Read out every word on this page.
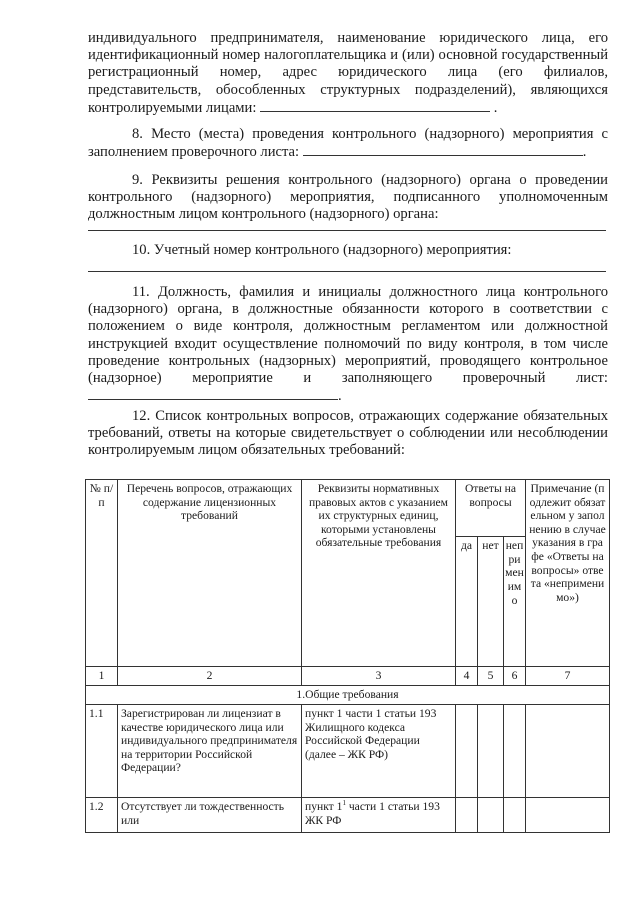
индивидуального предпринимателя, наименование юридического лица, его идентификационный номер налогоплательщика и (или) основной государственный регистрационный номер, адрес юридического лица (его филиалов, представительств, обособленных структурных подразделений), являющихся контролируемыми лицами:	.

8. Место (места) проведения контрольного (надзорного) мероприятия с заполнением проверочного листа:	.

9. Реквизиты решения контрольного (надзорного) органа о проведении контрольного (надзорного) мероприятия, подписанного уполномоченным должностным лицом контрольного (надзорного) органа:

10. Учетный номер контрольного (надзорного) мероприятия:

11. Должность, фамилия и инициалы должностного лица контрольного (надзорного) органа, в должностные обязанности которого в соответствии с положением о виде контроля, должностным регламентом или должностной инструкцией входит осуществление полномочий по виду контроля, в том числе проведение контрольных (надзорных) мероприятий, проводящего контрольное (надзорное) мероприятие и заполняющего проверочный лист: .

12. Список контрольных вопросов, отражающих содержание обязательных требований, ответы на которые свидетельствует о соблюдении или несоблюдении контролируемым лицом обязательных требований:

№ п/п	Перечень вопросов, отражающих содержание лицензионных требований	Реквизиты нормативных правовых актов с указанием их структурных единиц, которыми установлены обязательные требования	Ответы на вопросы			Примечание (подлежит обязательном у заполнению в случае указания в графе «Ответы на вопросы» ответа «неприменимо»)
			да	нет	неприменимо	
1	2	3	4	5	6	7
1.Общие требования						
1.1	Зарегистрирован ли лицензиат в качестве юридического лица или индивидуального предпринимателя на территории Российской Федерации?	пункт 1 части 1 статьи 193 Жилищного кодекса Российской Федерации (далее – ЖК РФ)				
1.2	Отсутствует ли тождественность или	пункт 1$^1$ части 1 статьи 193 ЖК РФ				
